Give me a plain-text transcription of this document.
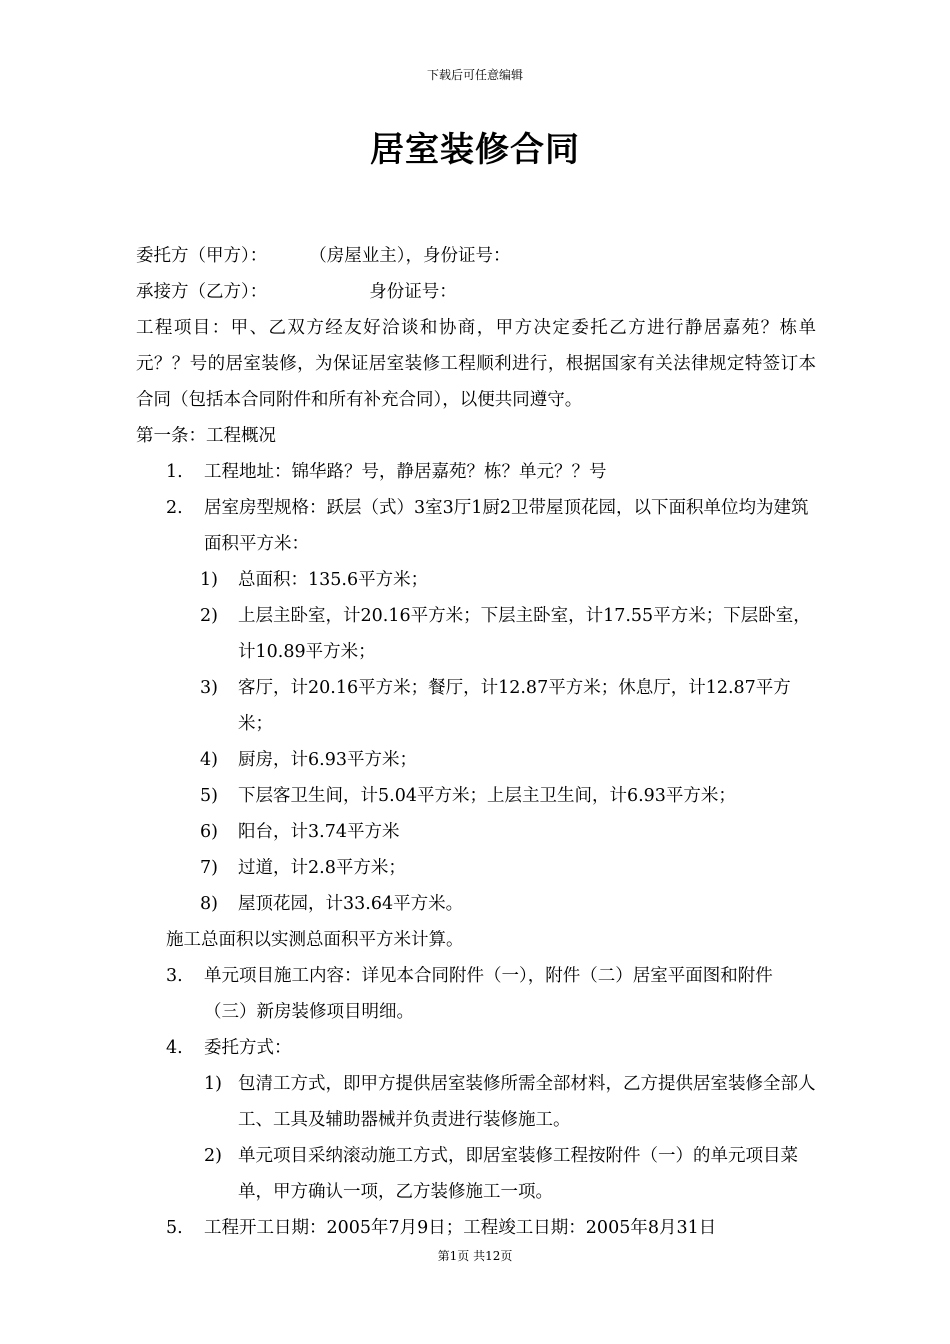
下载后可任意编辑
居室装修合同

委托方（甲方）： （房屋业主），身份证号：

承接方（乙方）：	身份证号：

工程项目：甲、乙双方经友好洽谈和协商，甲方决定委托乙方进行静居嘉苑？栋单元？？号的居室装修，为保证居室装修工程顺利进行，根据国家有关法律规定特签订本合同（包括本合同附件和所有补充合同），以便共同遵守。

第一条：工程概况

1. 工程地址：锦华路？号，静居嘉苑？栋？单元？？号

2. 居室房型规格：跃层（式）3室3厅1厨2卫带屋顶花园，以下面积单位均为建筑面积平方米：

1) 总面积：135.6平方米；

2) 上层主卧室，计20.16平方米；下层主卧室，计17.55平方米；下层卧室，计10.89平方米；

3) 客厅，计20.16平方米；餐厅，计12.87平方米；休息厅，计12.87平方米；

4) 厨房，计6.93平方米；

5) 下层客卫生间，计5.04平方米；上层主卫生间，计6.93平方米；

6) 阳台，计3.74平方米

7) 过道，计2.8平方米；

8) 屋顶花园，计33.64平方米。

施工总面积以实测总面积平方米计算。

3. 单元项目施工内容：详见本合同附件（一），附件（二）居室平面图和附件（三）新房装修项目明细。

4. 委托方式：

1) 包清工方式，即甲方提供居室装修所需全部材料，乙方提供居室装修全部人工、工具及辅助器械并负责进行装修施工。

2) 单元项目采纳滚动施工方式，即居室装修工程按附件（一）的单元项目菜单，甲方确认一项，乙方装修施工一项。

5. 工程开工日期：2005年7月9日；工程竣工日期：2005年8月31日

第1页 共12页
